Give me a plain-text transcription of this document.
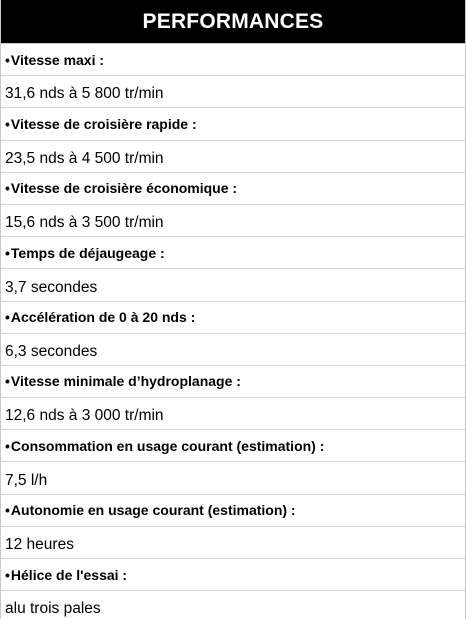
PERFORMANCES
• Vitesse maxi :
31,6 nds à 5 800 tr/min
• Vitesse de croisière rapide :
23,5 nds à 4 500 tr/min
• Vitesse de croisière économique :
15,6 nds à 3 500 tr/min
• Temps de déjaugeage :
3,7 secondes
• Accélération de 0 à 20 nds :
6,3 secondes
• Vitesse minimale d’hydroplanage :
12,6 nds à 3 000 tr/min
• Consommation en usage courant (estimation) :
7,5 l/h
• Autonomie en usage courant (estimation) :
12 heures
• Hélice de l'essai :
alu trois pales
